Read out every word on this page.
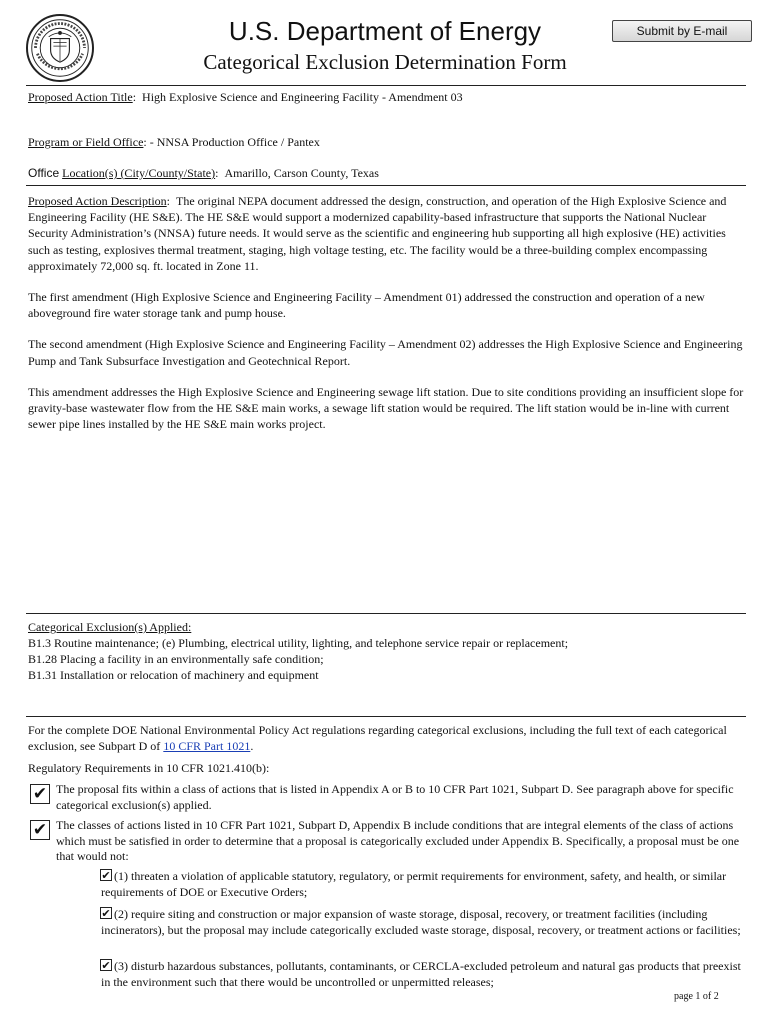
U.S. Department of Energy
Categorical Exclusion Determination Form
Submit by E-mail
Proposed Action Title:  High Explosive Science and Engineering Facility - Amendment 03
Program or Field Office: - NNSA Production Office / Pantex
Office Location(s) (City/County/State):  Amarillo, Carson County, Texas

Proposed Action Description:  The original NEPA document addressed the design, construction, and operation of the High Explosive Science and Engineering Facility (HE S&E). The HE S&E would support a modernized capability-based infrastructure that supports the National Nuclear Security Administration’s (NNSA) future needs. It would serve as the scientific and engineering hub supporting all high explosive (HE) activities such as testing, explosives thermal treatment, staging, high voltage testing, etc. The facility would be a three-building complex encompassing approximately 72,000 sq. ft. located in Zone 11.

The first amendment (High Explosive Science and Engineering Facility – Amendment 01) addressed the construction and operation of a new aboveground fire water storage tank and pump house.

The second amendment (High Explosive Science and Engineering Facility – Amendment 02) addresses the High Explosive Science and Engineering Pump and Tank Subsurface Investigation and Geotechnical Report.

This amendment addresses the High Explosive Science and Engineering sewage lift station. Due to site conditions providing an insufficient slope for gravity-base wastewater flow from the HE S&E main works, a sewage lift station would be required. The lift station would be in-line with current sewer pipe lines installed by the HE S&E main works project.

Categorical Exclusion(s) Applied:
B1.3 Routine maintenance; (e) Plumbing, electrical utility, lighting, and telephone service repair or replacement;
B1.28 Placing a facility in an environmentally safe condition;
B1.31 Installation or relocation of machinery and equipment
For the complete DOE National Environmental Policy Act regulations regarding categorical exclusions, including the full text of each categorical exclusion, see Subpart D of 10 CFR Part 1021.
Regulatory Requirements in 10 CFR 1021.410(b):
✔ The proposal fits within a class of actions that is listed in Appendix A or B to 10 CFR Part 1021, Subpart D. See paragraph above for specific categorical exclusion(s) applied.
✔ The classes of actions listed in 10 CFR Part 1021, Subpart D, Appendix B include conditions that are integral elements of the class of actions which must be satisfied in order to determine that a proposal is categorically excluded under Appendix B. Specifically, a proposal must be one that would not:
✔ (1) threaten a violation of applicable statutory, regulatory, or permit requirements for environment, safety, and health, or similar requirements of DOE or Executive Orders;
✔ (2) require siting and construction or major expansion of waste storage, disposal, recovery, or treatment facilities (including incinerators), but the proposal may include categorically excluded waste storage, disposal, recovery, or treatment actions or facilities;
✔ (3) disturb hazardous substances, pollutants, contaminants, or CERCLA-excluded petroleum and natural gas products that preexist in the environment such that there would be uncontrolled or unpermitted releases;
page 1 of 2
